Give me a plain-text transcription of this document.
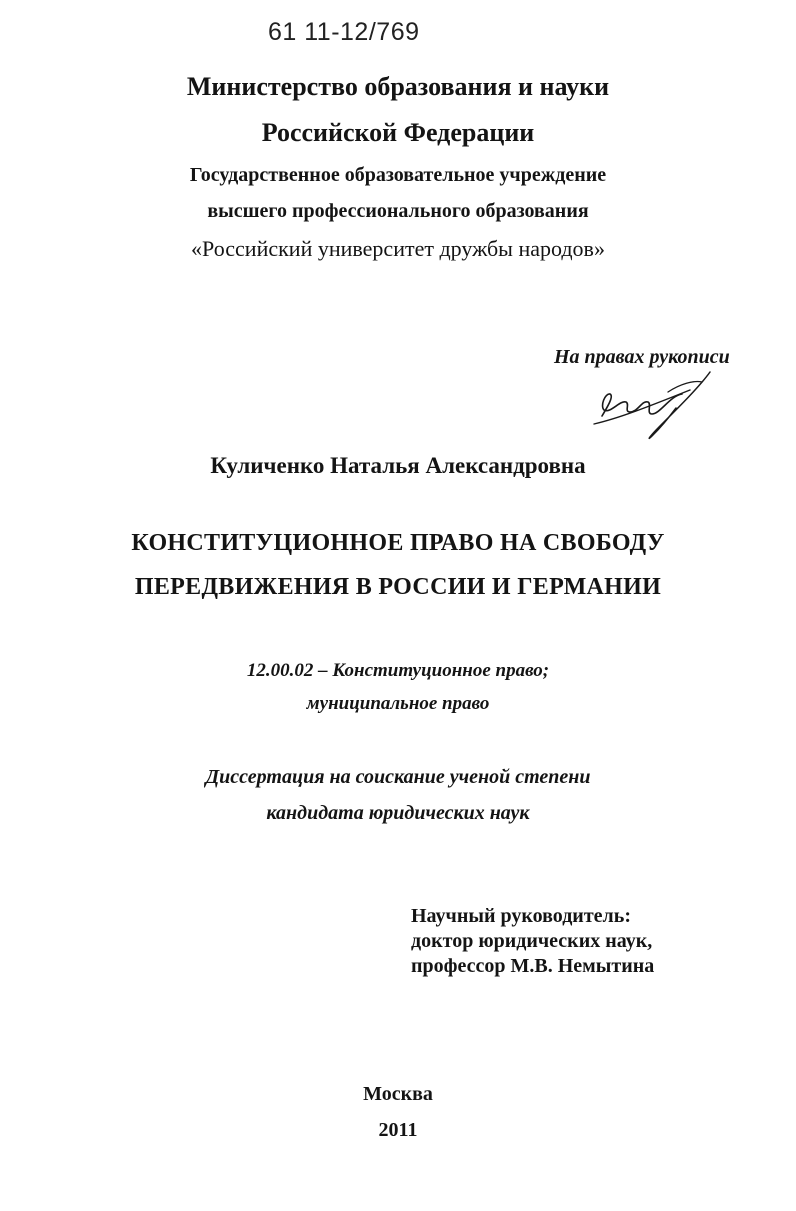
61 11-12/769
Министерство образования и науки
Российской Федерации
Государственное образовательное учреждение
высшего профессионального образования
«Российский университет дружбы народов»
На правах рукописи
Куличенко Наталья Александровна
КОНСТИТУЦИОННОЕ ПРАВО НА СВОБОДУ
ПЕРЕДВИЖЕНИЯ В РОССИИ И ГЕРМАНИИ
12.00.02 – Конституционное право;
муниципальное право
Диссертация на соискание ученой степени
кандидата юридических наук
Научный руководитель:
доктор юридических наук,
профессор М.В. Немытина
Москва
2011
